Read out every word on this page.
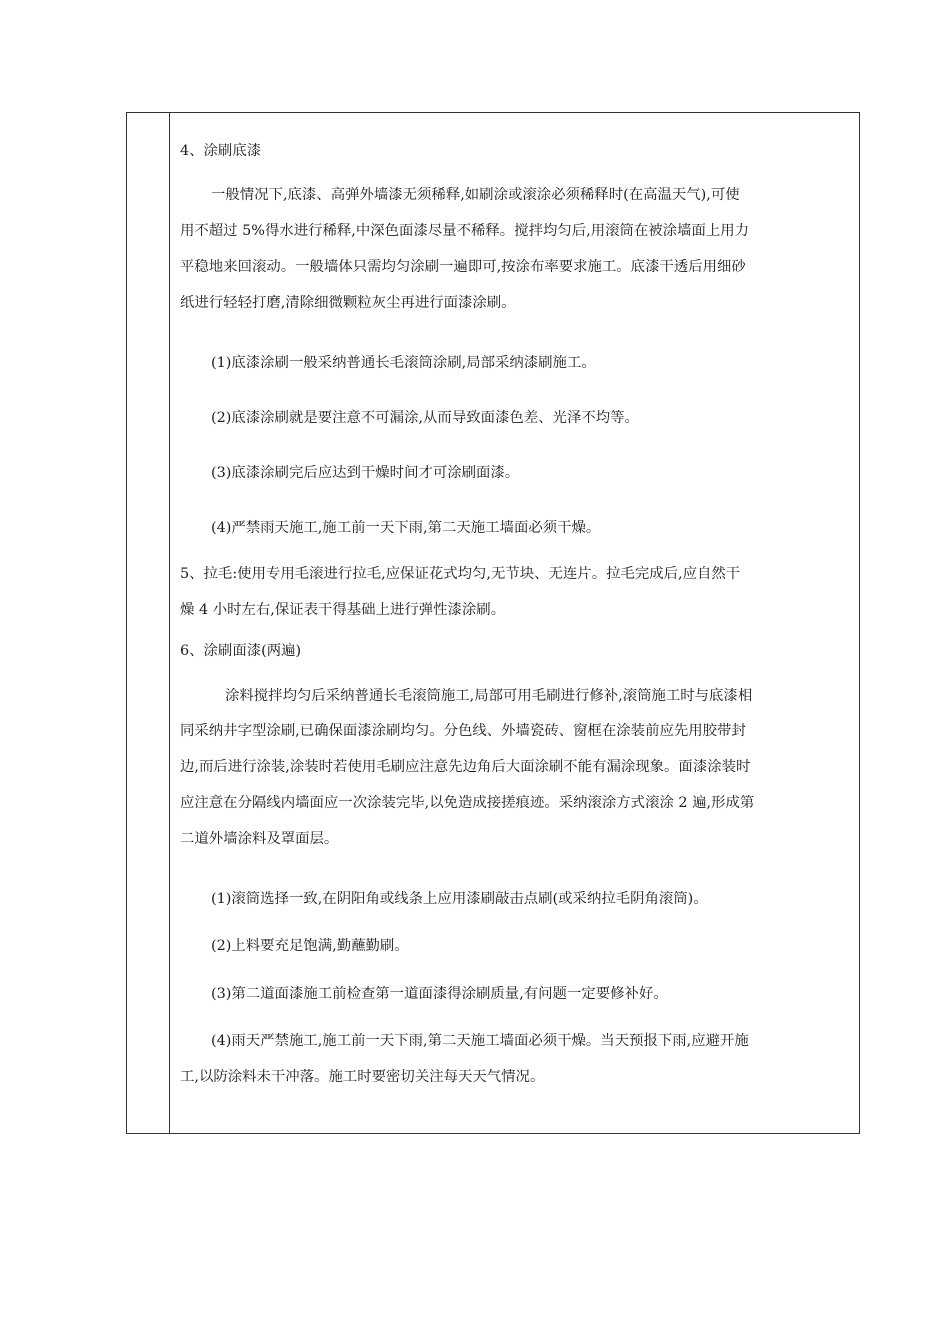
4、涂刷底漆
一般情况下,底漆、高弹外墙漆无须稀释,如刷涂或滚涂必须稀释时(在高温天气),可使
用不超过 5%得水进行稀释,中深色面漆尽量不稀释。搅拌均匀后,用滚筒在被涂墙面上用力
平稳地来回滚动。一般墙体只需均匀涂刷一遍即可,按涂布率要求施工。底漆干透后用细砂
纸进行轻轻打磨,清除细微颗粒灰尘再进行面漆涂刷。
(1)底漆涂刷一般采纳普通长毛滚筒涂刷,局部采纳漆刷施工。
(2)底漆涂刷就是要注意不可漏涂,从而导致面漆色差、光泽不均等。
(3)底漆涂刷完后应达到干燥时间才可涂刷面漆。
(4)严禁雨天施工,施工前一天下雨,第二天施工墙面必须干燥。
5、拉毛:使用专用毛滚进行拉毛,应保证花式均匀,无节块、无连片。拉毛完成后,应自然干
燥 4 小时左右,保证表干得基础上进行弹性漆涂刷。
6、涂刷面漆(两遍)
涂料搅拌均匀后采纳普通长毛滚筒施工,局部可用毛刷进行修补,滚筒施工时与底漆相
同采纳井字型涂刷,已确保面漆涂刷均匀。分色线、外墙瓷砖、窗框在涂装前应先用胶带封
边,而后进行涂装,涂装时若使用毛刷应注意先边角后大面涂刷不能有漏涂现象。面漆涂装时
应注意在分隔线内墙面应一次涂装完毕,以免造成接搓痕迹。采纳滚涂方式滚涂 2 遍,形成第
二道外墙涂料及罩面层。
(1)滚筒选择一致,在阴阳角或线条上应用漆刷敲击点刷(或采纳拉毛阴角滚筒)。
(2)上料要充足饱满,勤蘸勤刷。
(3)第二道面漆施工前检查第一道面漆得涂刷质量,有问题一定要修补好。
(4)雨天严禁施工,施工前一天下雨,第二天施工墙面必须干燥。当天预报下雨,应避开施
工,以防涂料未干冲落。施工时要密切关注每天天气情况。
